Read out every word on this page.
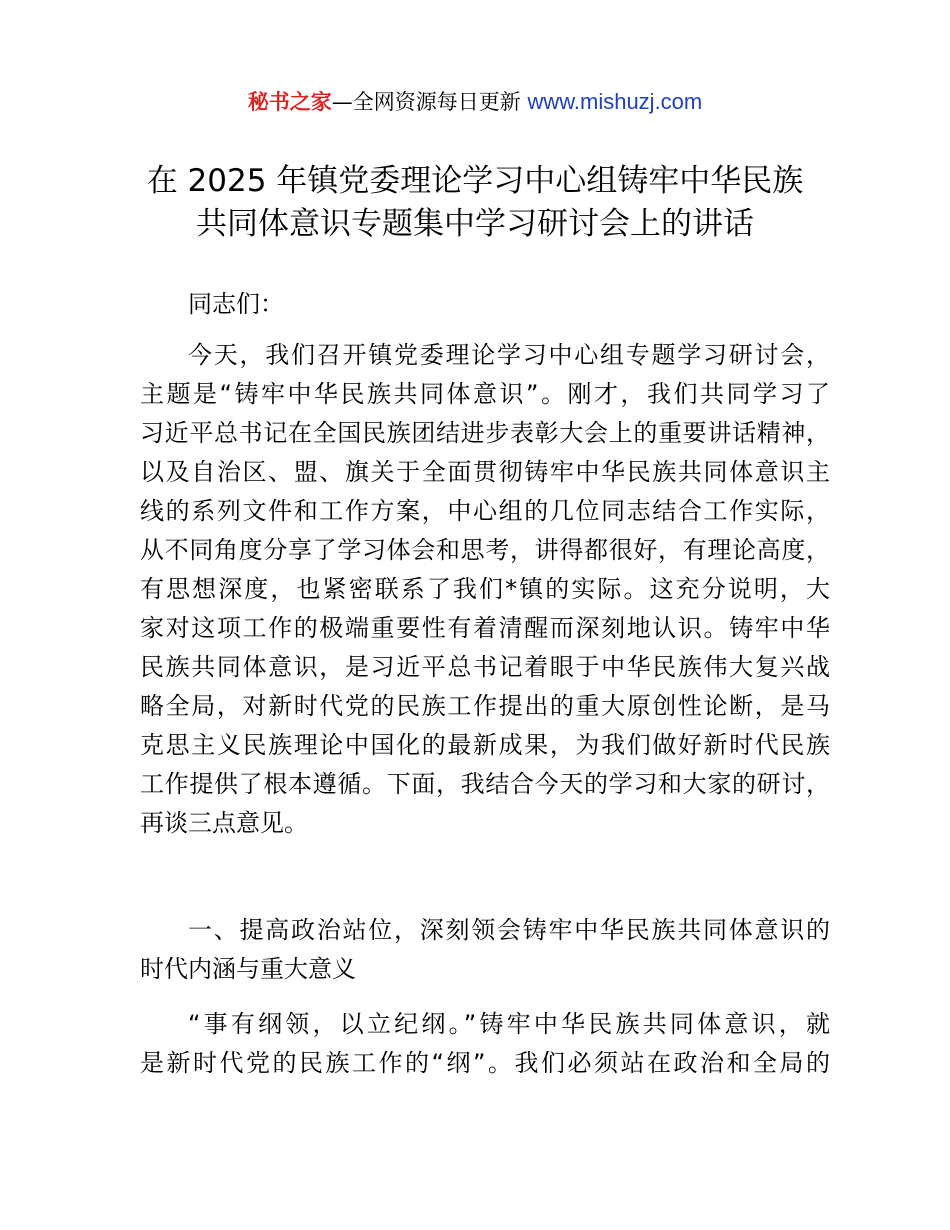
秘书之家—全网资源每日更新 www.mishuzj.com
在 2025 年镇党委理论学习中心组铸牢中华民族
共同体意识专题集中学习研讨会上的讲话
同志们：
今天，我们召开镇党委理论学习中心组专题学习研讨会，
主题是“铸牢中华民族共同体意识”。刚才，我们共同学习了
习近平总书记在全国民族团结进步表彰大会上的重要讲话精神，
以及自治区、盟、旗关于全面贯彻铸牢中华民族共同体意识主
线的系列文件和工作方案，中心组的几位同志结合工作实际，
从不同角度分享了学习体会和思考，讲得都很好，有理论高度，
有思想深度，也紧密联系了我们*镇的实际。这充分说明，大
家对这项工作的极端重要性有着清醒而深刻地认识。铸牢中华
民族共同体意识，是习近平总书记着眼于中华民族伟大复兴战
略全局，对新时代党的民族工作提出的重大原创性论断，是马
克思主义民族理论中国化的最新成果，为我们做好新时代民族
工作提供了根本遵循。下面，我结合今天的学习和大家的研讨，
再谈三点意见。
一、提高政治站位，深刻领会铸牢中华民族共同体意识的
时代内涵与重大意义
“事有纲领，以立纪纲。”铸牢中华民族共同体意识，就
是新时代党的民族工作的“纲”。我们必须站在政治和全局的
